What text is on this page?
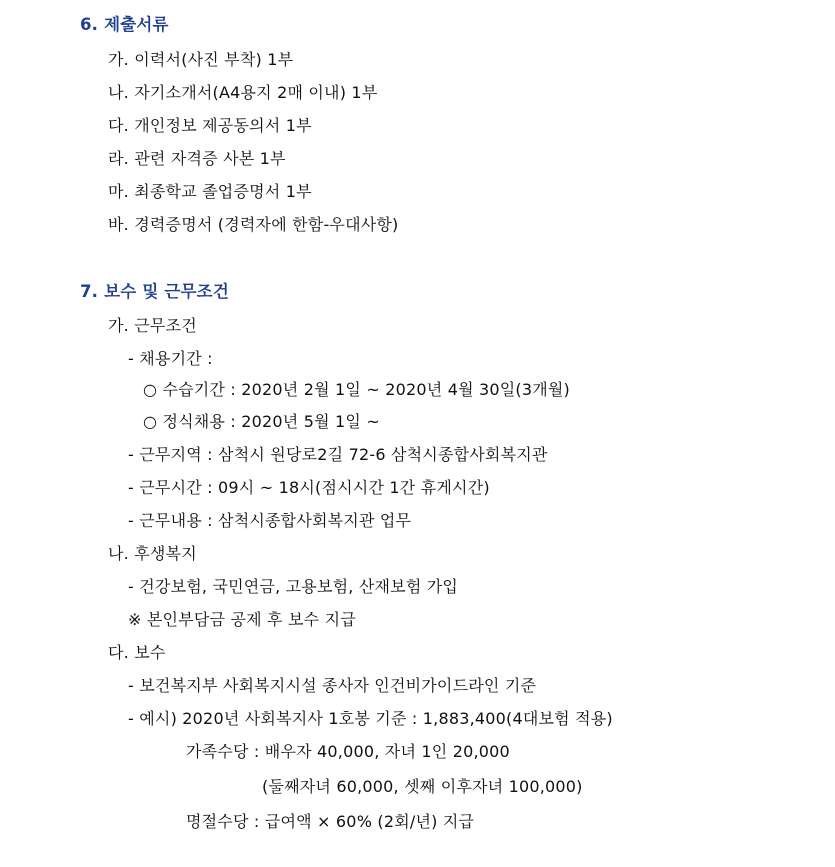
6. 제출서류
가. 이력서(사진 부착) 1부
나. 자기소개서(A4용지 2매 이내) 1부
다. 개인정보 제공동의서 1부
라. 관련 자격증 사본 1부
마. 최종학교 졸업증명서 1부
바. 경력증명서 (경력자에 한함-우대사항)
7. 보수 및 근무조건
가. 근무조건
- 채용기간 :
○ 수습기간 : 2020년 2월 1일 ~ 2020년 4월 30일(3개월)
○ 정식채용 : 2020년 5월 1일 ~
- 근무지역 : 삼척시 원당로2길 72-6 삼척시종합사회복지관
- 근무시간 : 09시 ~ 18시(점시시간 1간 휴게시간)
- 근무내용 : 삼척시종합사회복지관 업무
나. 후생복지
- 건강보험, 국민연금, 고용보험, 산재보험 가입
※ 본인부담금 공제 후 보수 지급
다. 보수
- 보건복지부 사회복지시설 종사자 인건비가이드라인 기준
- 예시) 2020년 사회복지사 1호봉 기준 : 1,883,400(4대보험 적용)
가족수당 : 배우자 40,000, 자녀 1인 20,000
(둘째자녀 60,000, 셋째 이후자녀 100,000)
명절수당 : 급여액 × 60% (2회/년) 지급
